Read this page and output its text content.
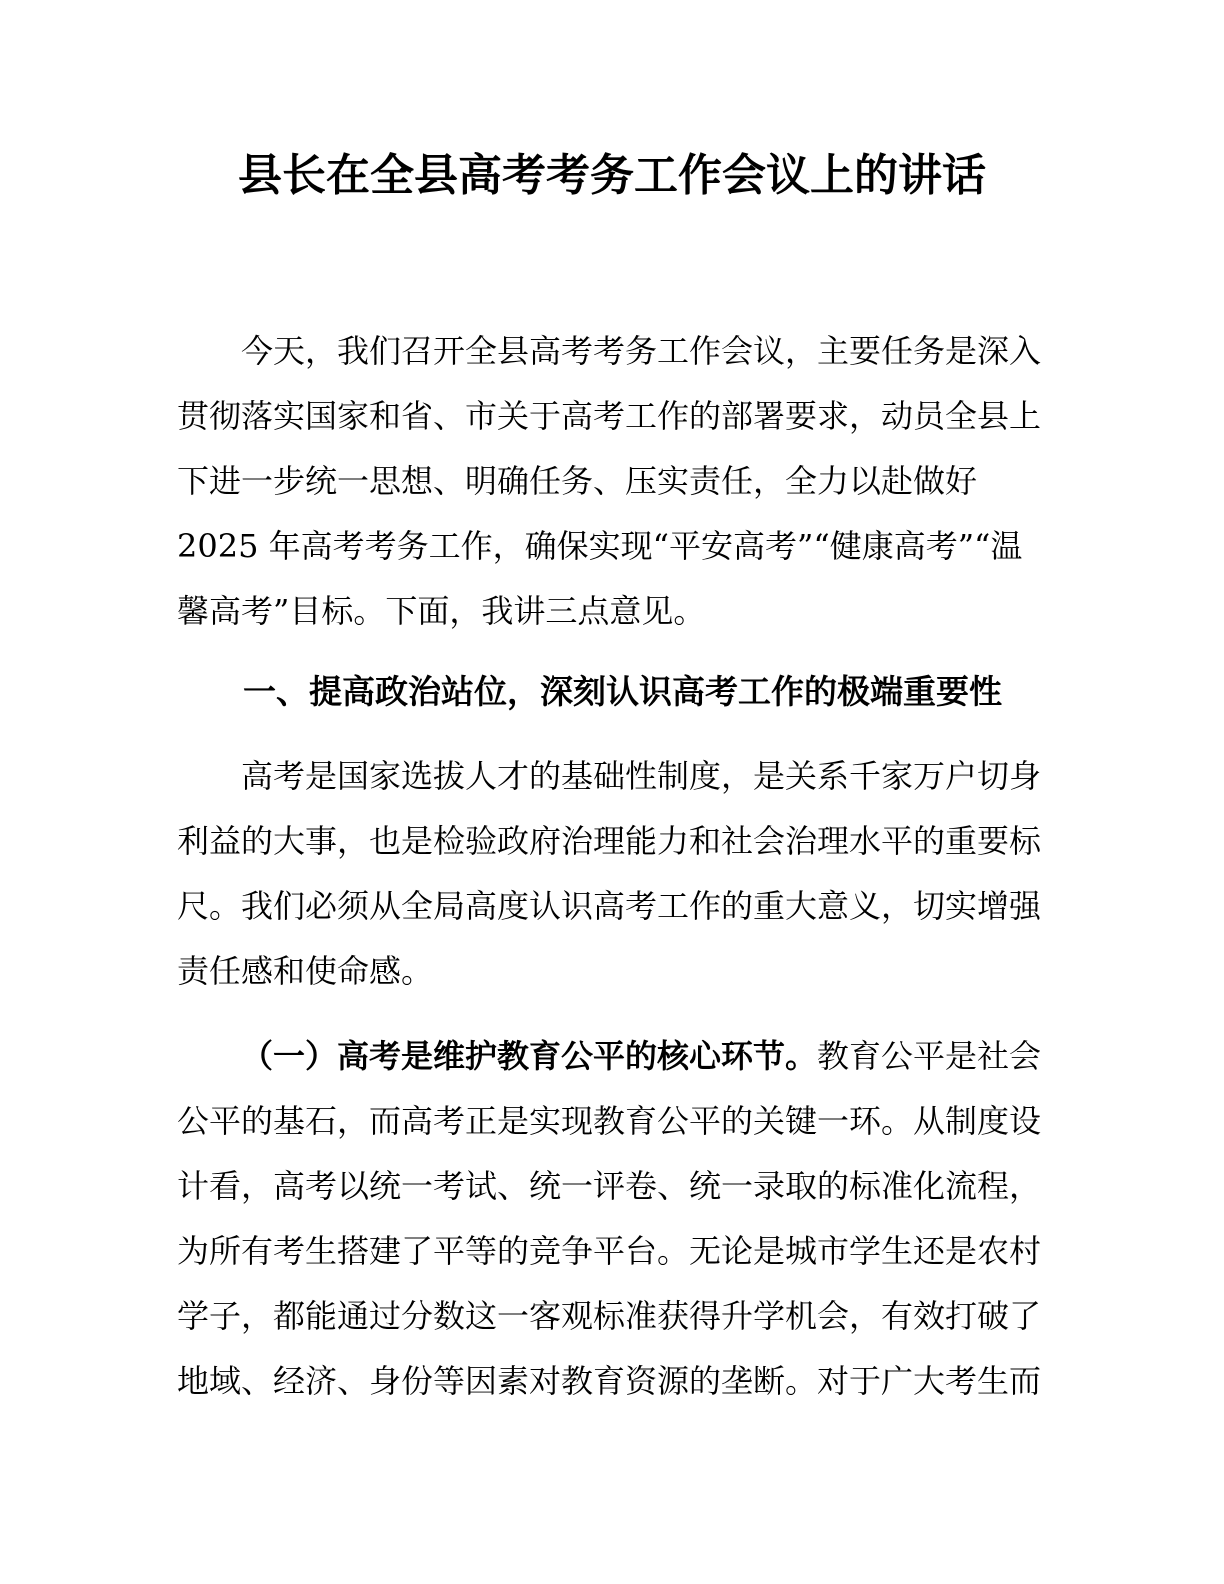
县长在全县高考考务工作会议上的讲话

今天，我们召开全县高考考务工作会议，主要任务是深入贯彻落实国家和省、市关于高考工作的部署要求，动员全县上下进一步统一思想、明确任务、压实责任，全力以赴做好 2025 年高考考务工作，确保实现“平安高考”“健康高考”“温馨高考”目标。下面，我讲三点意见。

一、提高政治站位，深刻认识高考工作的极端重要性

高考是国家选拔人才的基础性制度，是关系千家万户切身利益的大事，也是检验政府治理能力和社会治理水平的重要标尺。我们必须从全局高度认识高考工作的重大意义，切实增强责任感和使命感。

（一）高考是维护教育公平的核心环节。教育公平是社会公平的基石，而高考正是实现教育公平的关键一环。从制度设计看，高考以统一考试、统一评卷、统一录取的标准化流程，为所有考生搭建了平等的竞争平台。无论是城市学生还是农村学子，都能通过分数这一客观标准获得升学机会，有效打破了地域、经济、身份等因素对教育资源的垄断。对于广大考生而
